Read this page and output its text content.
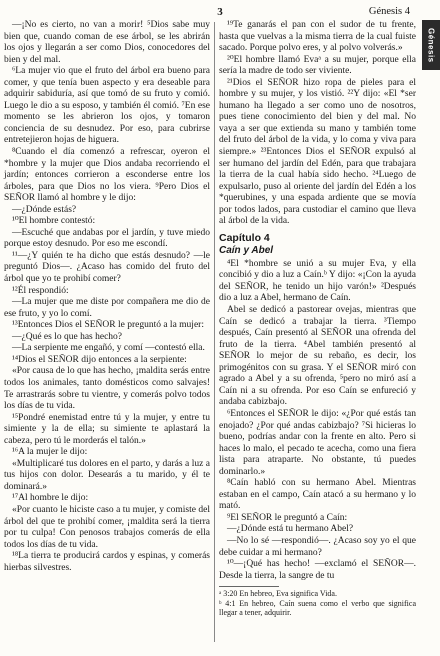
3	Génesis 4
Génesis

—¡No es cierto, no van a morir! ⁵Dios sabe muy bien que, cuando coman de ese árbol, se les abrirán los ojos y llegarán a ser como Dios, conocedores del bien y del mal.

⁶La mujer vio que el fruto del árbol era bueno para comer, y que tenía buen aspecto y era deseable para adquirir sabiduría, así que tomó de su fruto y comió. Luego le dio a su esposo, y también él comió. ⁷En ese momento se les abrieron los ojos, y tomaron conciencia de su desnudez. Por eso, para cubrirse entretejieron hojas de higuera.

⁸Cuando el día comenzó a refrescar, oyeron el *hombre y la mujer que Dios andaba recorriendo el jardín; entonces corrieron a esconderse entre los árboles, para que Dios no los viera. ⁹Pero Dios el SEÑOR llamó al hombre y le dijo:

—¿Dónde estás?

¹⁰El hombre contestó:

—Escuché que andabas por el jardín, y tuve miedo porque estoy desnudo. Por eso me escondí.

¹¹—¿Y quién te ha dicho que estás desnudo? —le preguntó Dios—. ¿Acaso has comido del fruto del árbol que yo te prohibí comer?

¹²Él respondió:

—La mujer que me diste por compañera me dio de ese fruto, y yo lo comí.

¹³Entonces Dios el SEÑOR le preguntó a la mujer:

—¿Qué es lo que has hecho?

—La serpiente me engañó, y comí —contestó ella.

¹⁴Dios el SEÑOR dijo entonces a la serpiente:

«Por causa de lo que has hecho, ¡maldita serás entre todos los animales, tanto domésticos como salvajes! Te arrastrarás sobre tu vientre, y comerás polvo todos los días de tu vida.

¹⁵Pondré enemistad entre tú y la mujer, y entre tu simiente y la de ella; su simiente te aplastará la cabeza, pero tú le morderás el talón.»

¹⁶A la mujer le dijo:

«Multiplicaré tus dolores en el parto, y darás a luz a tus hijos con dolor. Desearás a tu marido, y él te dominará.»

¹⁷Al hombre le dijo:

«Por cuanto le hiciste caso a tu mujer, y comiste del árbol del que te prohibí comer, ¡maldita será la tierra por tu culpa! Con penosos trabajos comerás de ella todos los días de tu vida.

¹⁸La tierra te producirá cardos y espinas, y comerás hierbas silvestres.

¹⁹Te ganarás el pan con el sudor de tu frente, hasta que vuelvas a la misma tierra de la cual fuiste sacado. Porque polvo eres, y al polvo volverás.»

²⁰El hombre llamó Evaᵃ a su mujer, porque ella sería la madre de todo ser viviente.

²¹Dios el SEÑOR hizo ropa de pieles para el hombre y su mujer, y los vistió. ²²Y dijo: «El *ser humano ha llegado a ser como uno de nosotros, pues tiene conocimiento del bien y del mal. No vaya a ser que extienda su mano y también tome del fruto del árbol de la vida, y lo coma y viva para siempre.» ²³Entonces Dios el SEÑOR expulsó al ser humano del jardín del Edén, para que trabajara la tierra de la cual había sido hecho. ²⁴Luego de expulsarlo, puso al oriente del jardín del Edén a los *querubines, y una espada ardiente que se movía por todos lados, para custodiar el camino que lleva al árbol de la vida.

Capítulo 4
Caín y Abel

⁴El *hombre se unió a su mujer Eva, y ella concibió y dio a luz a Caín.ᵇ Y dijo: «¡Con la ayuda del SEÑOR, he tenido un hijo varón!» ²Después dio a luz a Abel, hermano de Caín.

Abel se dedicó a pastorear ovejas, mientras que Caín se dedicó a trabajar la tierra. ³Tiempo después, Caín presentó al SEÑOR una ofrenda del fruto de la tierra. ⁴Abel también presentó al SEÑOR lo mejor de su rebaño, es decir, los primogénitos con su grasa. Y el SEÑOR miró con agrado a Abel y a su ofrenda, ⁵pero no miró así a Caín ni a su ofrenda. Por eso Caín se enfureció y andaba cabizbajo.

⁶Entonces el SEÑOR le dijo: «¿Por qué estás tan enojado? ¿Por qué andas cabizbajo? ⁷Si hicieras lo bueno, podrías andar con la frente en alto. Pero si haces lo malo, el pecado te acecha, como una fiera lista para atraparte. No obstante, tú puedes dominarlo.»

⁸Caín habló con su hermano Abel. Mientras estaban en el campo, Caín atacó a su hermano y lo mató.

⁹El SEÑOR le preguntó a Caín:

—¿Dónde está tu hermano Abel?

—No lo sé —respondió—. ¿Acaso soy yo el que debe cuidar a mi hermano?

¹⁰—¡Qué has hecho! —exclamó el SEÑOR—. Desde la tierra, la sangre de tu

ᵃ 3:20 En hebreo, Eva significa Vida.

ᵇ 4:1 En hebreo, Caín suena como el verbo que significa llegar a tener, adquirir.
